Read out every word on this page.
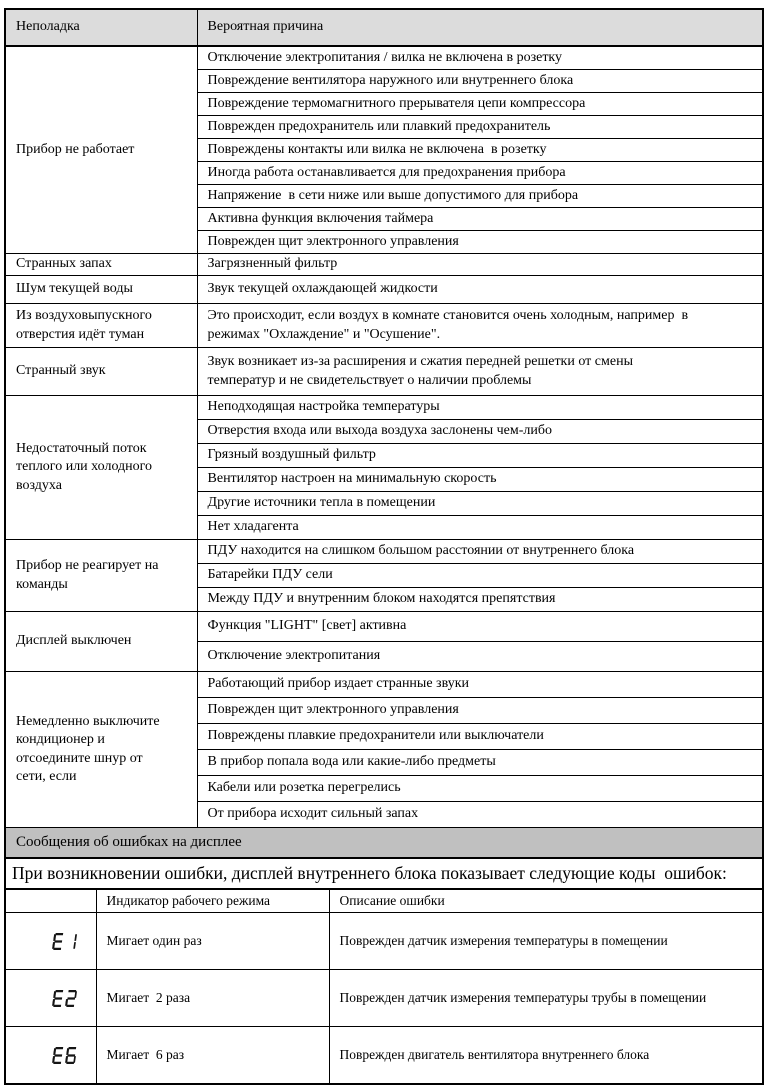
Неполадка		Вероятная причина	
Прибор не работает		Отключение электропитания / вилка не включена в розетку	
		Повреждение вентилятора наружного или внутреннего блока	
		Повреждение термомагнитного прерывателя цепи компрессора	
		Поврежден предохранитель или плавкий предохранитель	
		Повреждены контакты или вилка не включена  в розетку	
		Иногда работа останавливается для предохранения прибора	
		Напряжение  в сети ниже или выше допустимого для прибора	
		Активна функция включения таймера	
		Поврежден щит электронного управления	
Странных запах		Загрязненный фильтр	
Шум текущей воды		Звук текущей охлаждающей жидкости	
Из воздуховыпускного
отверстия идёт туман		Это происходит, если воздух в комнате становится очень холодным, например  в
режимах "Охлаждение" и "Осушение".	
Странный звук		Звук возникает из-за расширения и сжатия передней решетки от смены
температур и не свидетельствует о наличии проблемы	
Недостаточный поток
теплого или холодного
воздуха		Неподходящая настройка температуры	
		Отверстия входа или выхода воздуха заслонены чем-либо	
		Грязный воздушный фильтр	
		Вентилятор настроен на минимальную скорость	
		Другие источники тепла в помещении	
		Нет хладагента	
Прибор не реагирует на
команды		ПДУ находится на слишком большом расстоянии от внутреннего блока	
		Батарейки ПДУ сели	
		Между ПДУ и внутренним блоком находятся препятствия	
Дисплей выключен		Функция "LIGHT" [свет] активна	
		Отключение электропитания	
Немедленно выключите
кондиционер и
отсоедините шнур от
сети, если		Работающий прибор издает странные звуки	
		Поврежден щит электронного управления	
		Повреждены плавкие предохранители или выключатели	
		В прибор попала вода или какие-либо предметы	
		Кабели или розетка перегрелись	
		От прибора исходит сильный запах	
Сообщения об ошибках на дисплее			
При возникновении ошибки, дисплей внутреннего блока показывает следующие коды  ошибок:			
	Индикатор рабочего режима		Описание ошибки

	Мигает один раз		Поврежден датчик измерения температуры в помещении

	Мигает  2 раза		Поврежден датчик измерения температуры трубы в помещении

	Мигает  6 раз		Поврежден двигатель вентилятора внутреннего блока
